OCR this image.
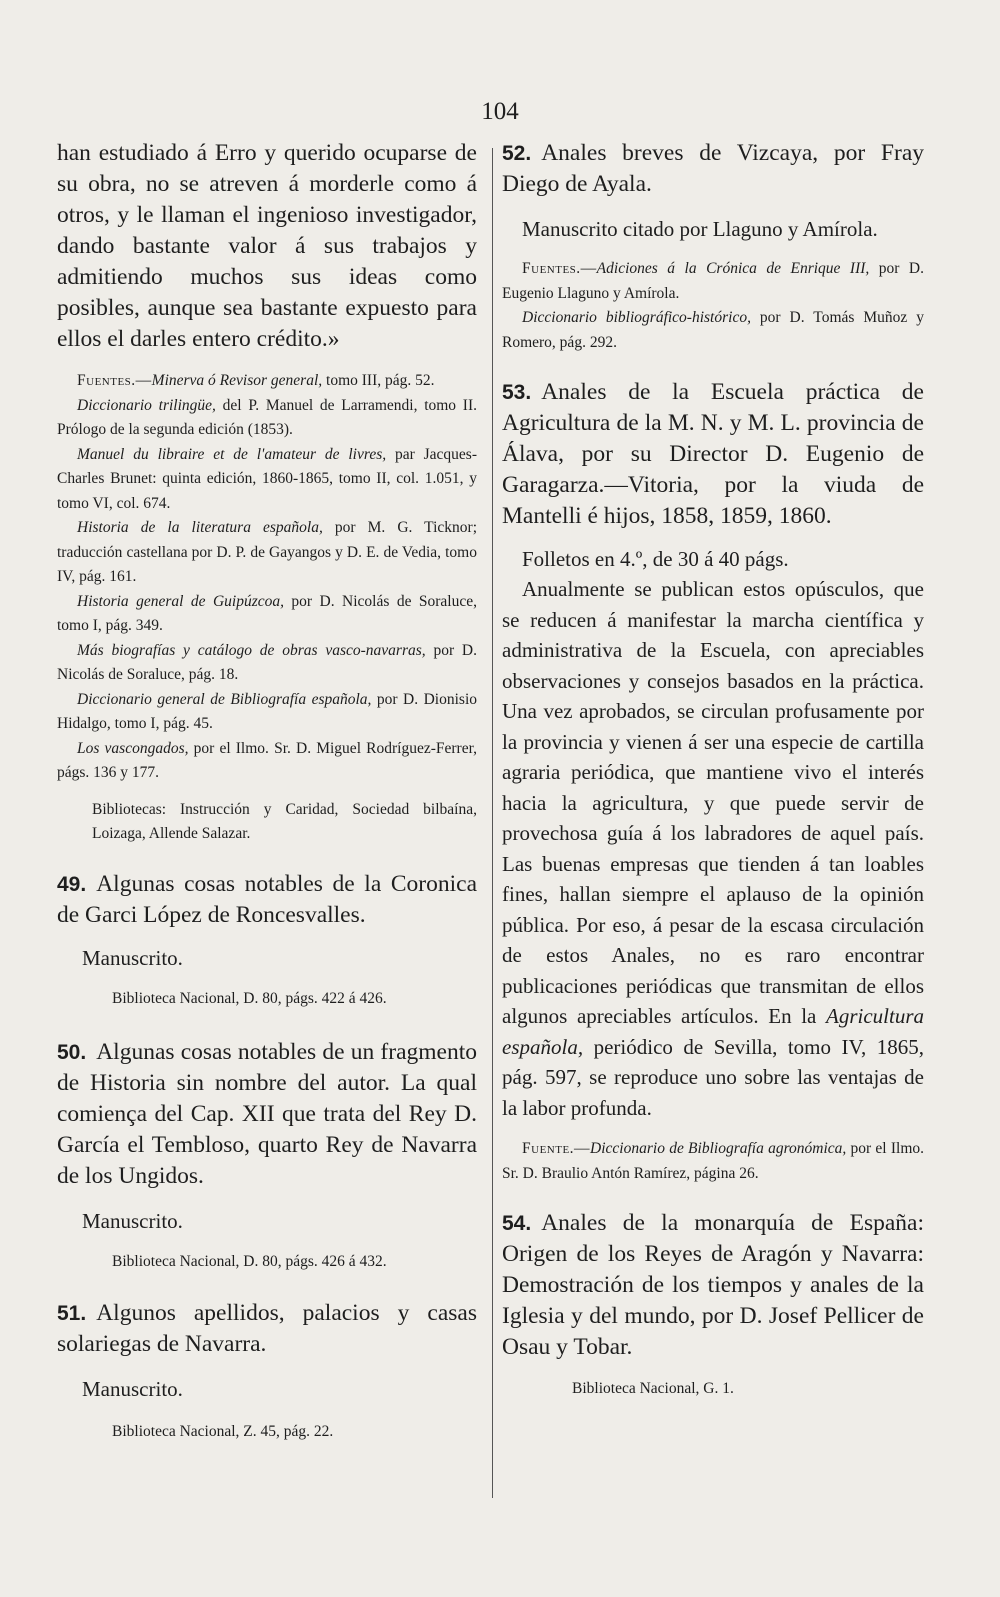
104

han estudiado á Erro y querido ocuparse de su obra, no se atreven á morderle como á otros, y le llaman el ingenioso investigador, dando bastante valor á sus trabajos y admitiendo muchos sus ideas como posibles, aunque sea bastante expuesto para ellos el darles entero crédito.»

Fuentes.—Minerva ó Revisor general, tomo III, pág. 52.

Diccionario trilingüe, del P. Manuel de Larramendi, tomo II. Prólogo de la segunda edición (1853).

Manuel du libraire et de l'amateur de livres, par Jacques-Charles Brunet: quinta edición, 1860-1865, tomo II, col. 1.051, y tomo VI, col. 674.

Historia de la literatura española, por M. G. Ticknor; traducción castellana por D. P. de Gayangos y D. E. de Vedia, tomo IV, pág. 161.

Historia general de Guipúzcoa, por D. Nicolás de Soraluce, tomo I, pág. 349.

Más biografías y catálogo de obras vasco-navarras, por D. Nicolás de Soraluce, pág. 18.

Diccionario general de Bibliografía española, por D. Dionisio Hidalgo, tomo I, pág. 45.

Los vascongados, por el Ilmo. Sr. D. Miguel Rodríguez-Ferrer, págs. 136 y 177.

Bibliotecas: Instrucción y Caridad, Sociedad bilbaína, Loizaga, Allende Salazar.

49. Algunas cosas notables de la Coronica de Garci López de Roncesvalles.

Manuscrito.

Biblioteca Nacional, D. 80, págs. 422 á 426.

50. Algunas cosas notables de un fragmento de Historia sin nombre del autor. La qual comiença del Cap. XII que trata del Rey D. García el Tembloso, quarto Rey de Navarra de los Ungidos.

Manuscrito.

Biblioteca Nacional, D. 80, págs. 426 á 432.

51. Algunos apellidos, palacios y casas solariegas de Navarra.

Manuscrito.

Biblioteca Nacional, Z. 45, pág. 22.

52. Anales breves de Vizcaya, por Fray Diego de Ayala.

Manuscrito citado por Llaguno y Amírola.

Fuentes.—Adiciones á la Crónica de Enrique III, por D. Eugenio Llaguno y Amírola.

Diccionario bibliográfico-histórico, por D. Tomás Muñoz y Romero, pág. 292.

53. Anales de la Escuela práctica de Agricultura de la M. N. y M. L. provincia de Álava, por su Director D. Eugenio de Garagarza.—Vitoria, por la viuda de Mantelli é hijos, 1858, 1859, 1860.

Folletos en 4.º, de 30 á 40 págs.

Anualmente se publican estos opúsculos, que se reducen á manifestar la marcha científica y administrativa de la Escuela, con apreciables observaciones y consejos basados en la práctica. Una vez aprobados, se circulan profusamente por la provincia y vienen á ser una especie de cartilla agraria periódica, que mantiene vivo el interés hacia la agricultura, y que puede servir de provechosa guía á los labradores de aquel país. Las buenas empresas que tienden á tan loables fines, hallan siempre el aplauso de la opinión pública. Por eso, á pesar de la escasa circulación de estos Anales, no es raro encontrar publicaciones periódicas que transmitan de ellos algunos apreciables artículos. En la Agricultura española, periódico de Sevilla, tomo IV, 1865, pág. 597, se reproduce uno sobre las ventajas de la labor profunda.

Fuente.—Diccionario de Bibliografía agronómica, por el Ilmo. Sr. D. Braulio Antón Ramírez, página 26.

54. Anales de la monarquía de España: Origen de los Reyes de Aragón y Navarra: Demostración de los tiempos y anales de la Iglesia y del mundo, por D. Josef Pellicer de Osau y Tobar.

Biblioteca Nacional, G. 1.
